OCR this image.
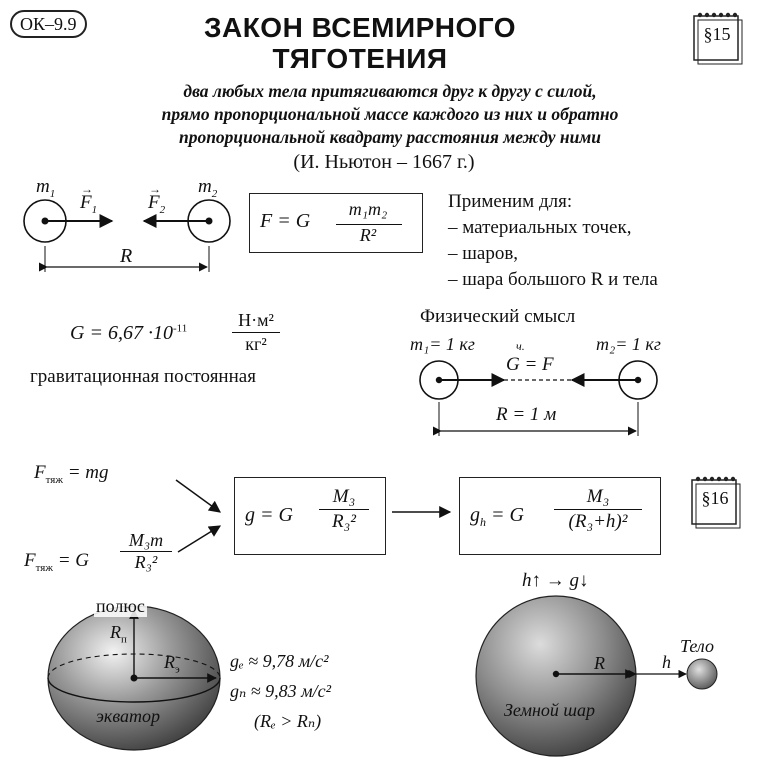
ОК–9.9	ЗАКОН ВСЕМИРНОГО
ТЯГОТЕНИЯ
§15
два любых тела притягиваются друг к другу с силой,
прямо пропорциональной массе каждого из них и обратно
пропорциональной квадрату расстояния между ними
(И. Ньютон – 1667 г.)
$m_1$	$m_2$
→
$F_1$
→
$F_2$
R
F = G
m₁m₂
R²
Применим для:
– материальных точек,
– шаров,
– шара большого R и тела
$G = 6,67 \cdot 10^{-11}$	Н·м²
кг²
гравитационная постоянная
Физический смысл
m₁= 1 кг	m₂= 1 кг
ч.
G = F
R = 1 м
$F_{тяж}$ = mg
$F_{тяж} = G$
M₃m
R₃²
g = G
M₃
R₃²	$g_h = G$
M₃
(R₃+h)²
§16
полюс
$R_п$
$R_э$
экватор
gₑ ≈ 9,78 м/с²
gₙ ≈ 9,83 м/с²
(Rₑ > Rₙ)
h↑ → g↓
R	h
Тело
Земной шар
